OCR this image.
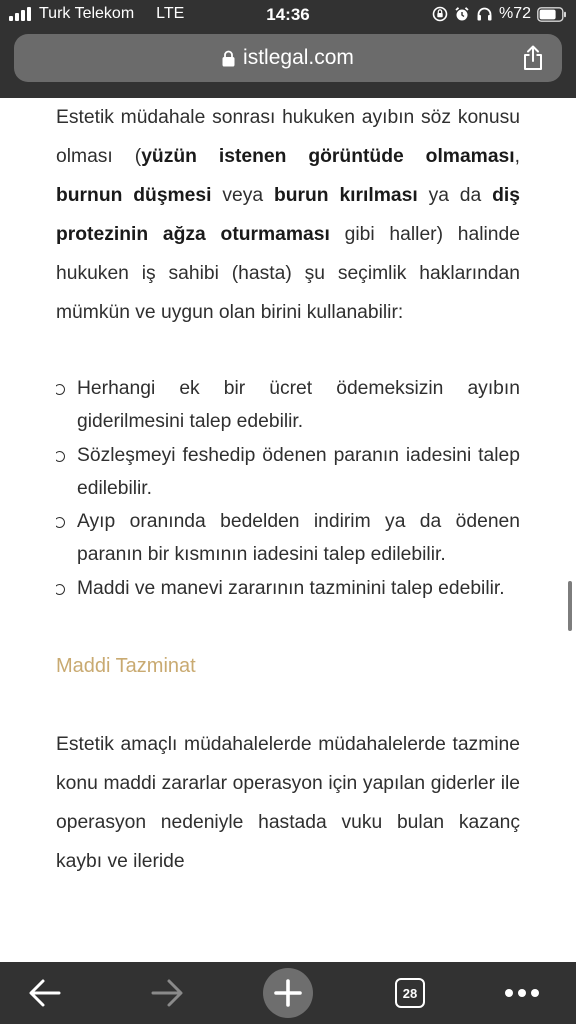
Turk Telekom LTE	14:36	%72
istlegal.com

Estetik müdahale sonrası hukuken ayıbın söz konusu olması (yüzün istenen görüntüde olmaması, burnun düşmesi veya burun kırılması ya da diş protezinin ağza oturmaması gibi haller) halinde hukuken iş sahibi (hasta) şu seçimlik haklarından mümkün ve uygun olan birini kullanabilir:

Herhangi ek bir ücret ödemeksizin ayıbın giderilmesini talep edebilir.
Sözleşmeyi feshedip ödenen paranın iadesini talep edilebilir.
Ayıp oranında bedelden indirim ya da ödenen paranın bir kısmının iadesini talep edilebilir.
Maddi ve manevi zararının tazminini talep edebilir.
Maddi Tazminat

Estetik amaçlı müdahalelerde müdahalelerde tazmine konu maddi zararlar operasyon için yapılan giderler ile operasyon nedeniyle hastada vuku bulan kazanç kaybı ve ileride

28
